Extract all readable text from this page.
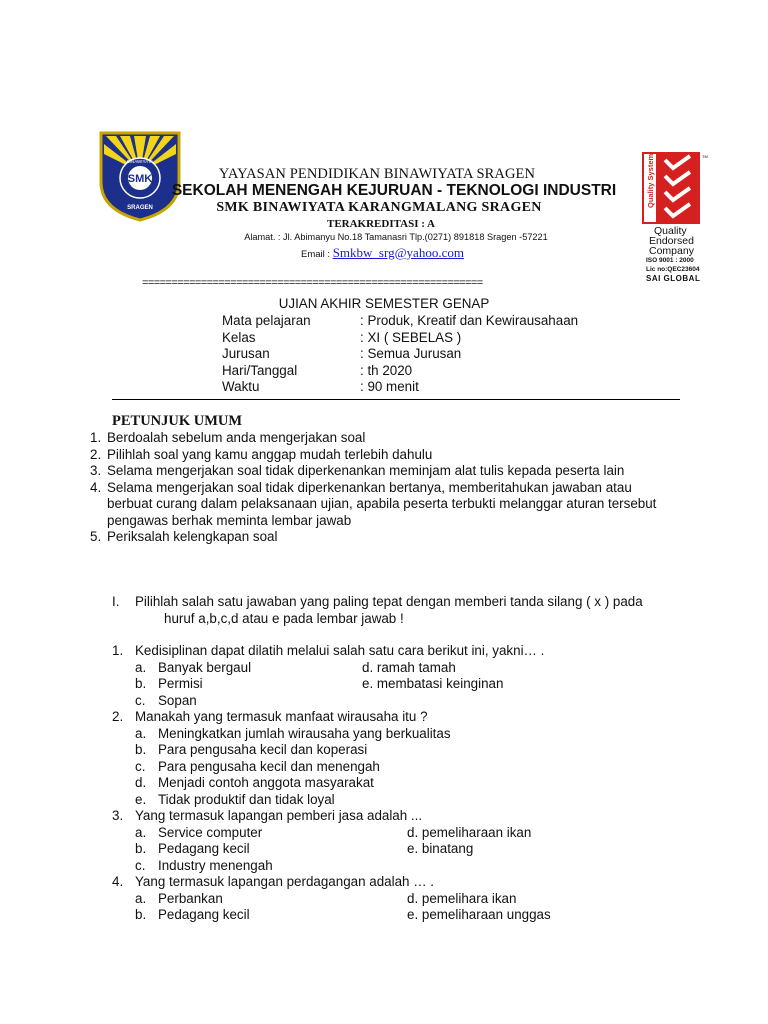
SMK
BINAWIYATA
SRAGEN
YAYASAN PENDIDIKAN BINAWIYATA SRAGEN
SEKOLAH MENENGAH KEJURUAN - TEKNOLOGI INDUSTRI
SMK BINAWIYATA KARANGMALANG SRAGEN
TERAKREDITASI : A
Alamat. : Jl. Abimanyu No.18 Tamanasri Tlp.(0271) 891818 Sragen -57221
Email : Smkbw_srg@yahoo.com
Quality System	TM
Quality
Endorsed
Company
ISO 9001 : 2000
Lic no:QEC23604
SAI GLOBAL
==========================================================
UJIAN AKHIR SEMESTER GENAP
Mata pelajaran	: Produk, Kreatif dan Kewirausahaan
Kelas	: XI ( SEBELAS )
Jurusan	: Semua Jurusan
Hari/Tanggal	: th 2020
Waktu	: 90 menit
PETUNJUK UMUM
1. Berdoalah sebelum anda mengerjakan soal
2. Pilihlah soal yang kamu anggap mudah terlebih dahulu
3. Selama mengerjakan soal tidak diperkenankan meminjam alat tulis kepada peserta lain
4. Selama mengerjakan soal tidak diperkenankan bertanya, memberitahukan jawaban atau
berbuat curang dalam pelaksanaan ujian, apabila peserta terbukti melanggar aturan tersebut
pengawas berhak meminta lembar jawab
5. Periksalah kelengkapan soal
I. Pilihlah salah satu jawaban yang paling tepat dengan memberi tanda silang ( x ) pada
huruf a,b,c,d atau e pada lembar jawab !
1. Kedisiplinan dapat dilatih melalui salah satu cara berikut ini, yakni… .
a. Banyak bergaul	d. ramah tamah
b. Permisi	e. membatasi keinginan
c. Sopan
2. Manakah yang termasuk manfaat wirausaha itu ?
a. Meningkatkan jumlah wirausaha yang berkualitas
b. Para pengusaha kecil dan koperasi
c. Para pengusaha kecil dan menengah
d. Menjadi contoh anggota masyarakat
e. Tidak produktif dan tidak loyal
3. Yang termasuk lapangan pemberi jasa adalah ...
a. Service computer	d. pemeliharaan ikan
b. Pedagang kecil	e. binatang
c. Industry menengah
4. Yang termasuk lapangan perdagangan adalah … .
a. Perbankan	d. pemelihara ikan
b. Pedagang kecil	e. pemeliharaan unggas
